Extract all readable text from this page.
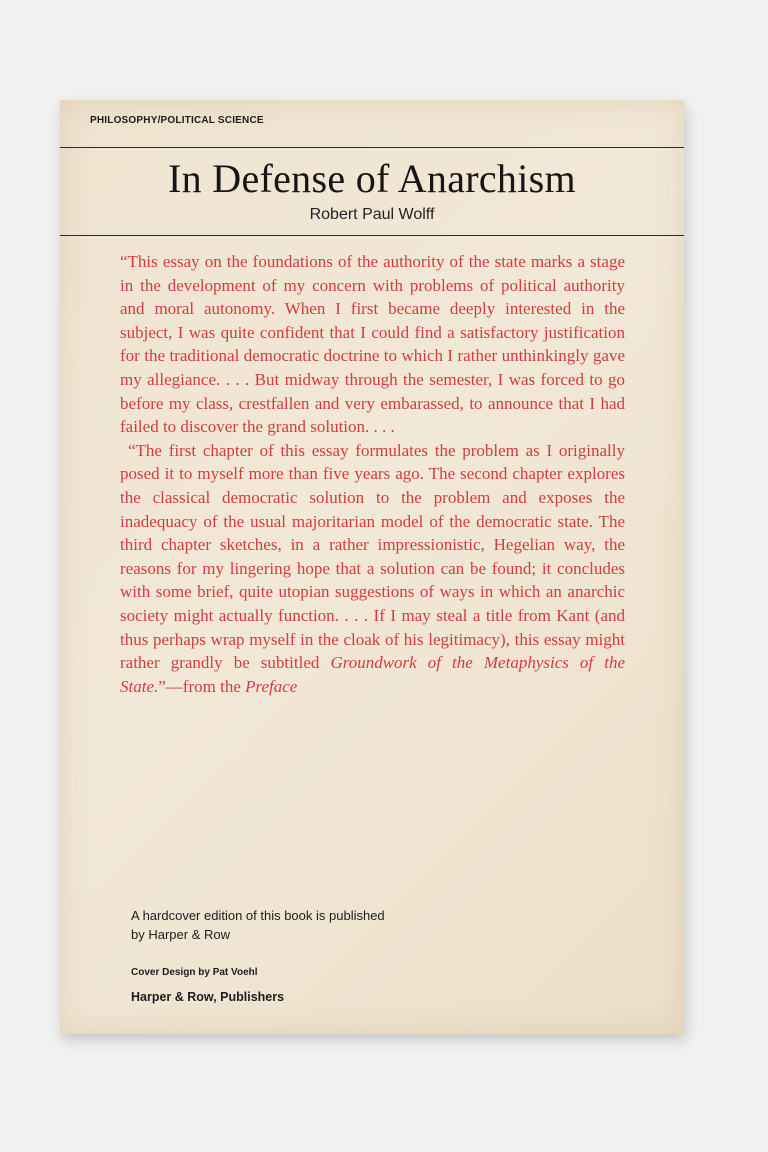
PHILOSOPHY/POLITICAL SCIENCE
In Defense of Anarchism
Robert Paul Wolff

“This essay on the foundations of the authority of the state marks a stage in the development of my concern with problems of political authority and moral autonomy. When I first became deeply interested in the subject, I was quite confident that I could find a satisfactory justification for the traditional democratic doctrine to which I rather unthinkingly gave my allegiance. . . . But midway through the semester, I was forced to go before my class, crestfallen and very embarassed, to announce that I had failed to discover the grand solution. . . .

“The first chapter of this essay formulates the problem as I originally posed it to myself more than five years ago. The second chapter explores the classical democratic solution to the problem and exposes the inadequacy of the usual majoritarian model of the democratic state. The third chapter sketches, in a rather impressionistic, Hegelian way, the reasons for my lingering hope that a solution can be found; it concludes with some brief, quite utopian suggestions of ways in which an anarchic society might actually function. . . . If I may steal a title from Kant (and thus perhaps wrap myself in the cloak of his legitimacy), this essay might rather grandly be subtitled Groundwork of the Metaphysics of the State.”—from the Preface

A hardcover edition of this book is published
by Harper & Row
Cover Design by Pat Voehl
Harper & Row, Publishers
